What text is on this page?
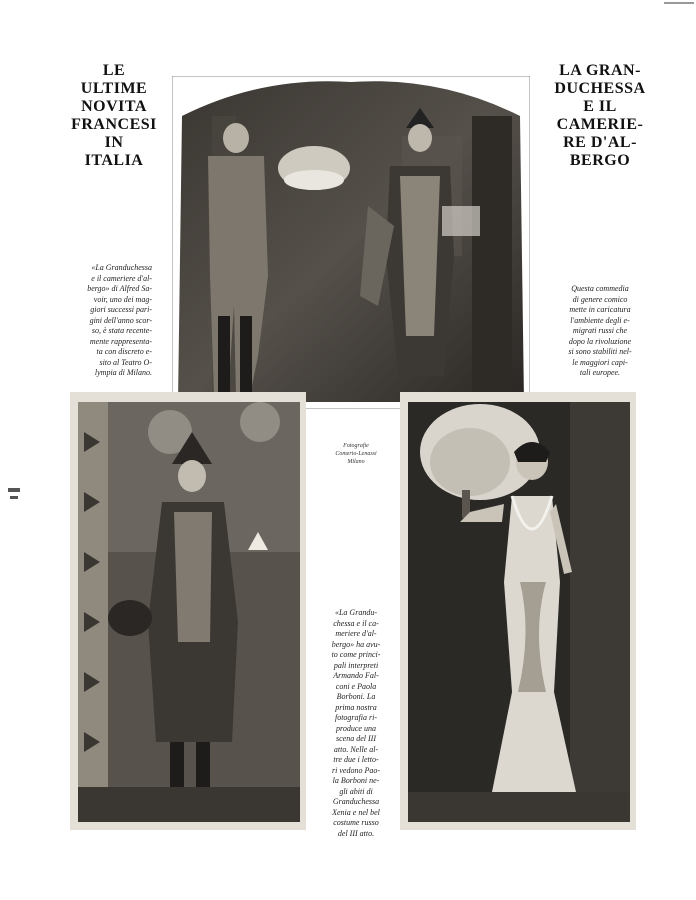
LE
ULTIME
NOVITA
FRANCESI
IN
ITALIA
LA GRAN-
DUCHESSA
E IL
CAMERIE-
RE D'AL-
BERGO
«La Granduchessa
e il cameriere d'al-
bergo» di Alfred Sa-
voir, uno dei mag-
giori successi pari-
gini dell'anno scor-
so, è stata recente-
mente rappresenta-
ta con discreto e-
sito al Teatro O-
lympia di Milano.
Questa commedia
di genere comico
mette in caricatura
l'ambiente degli e-
migrati russi che
dopo la rivoluzione
si sono stabiliti nel-
le maggiori capi-
tali europee.
Fotografie
Comerio-Lenassi
Milano
«La Grandu-
chessa e il ca-
meriere d'al-
bergo» ha avu-
to come princi-
pali interpreti
Armando Fal-
coni e Paola
Borboni. La
prima nostra
fotografia ri-
produce una
scena del III
atto. Nelle al-
tre due i letto-
ri vedono Pao-
la Borboni ne-
gli abiti di
Granduchessa
Xenia e nel bel
costume russo
del III atto.
